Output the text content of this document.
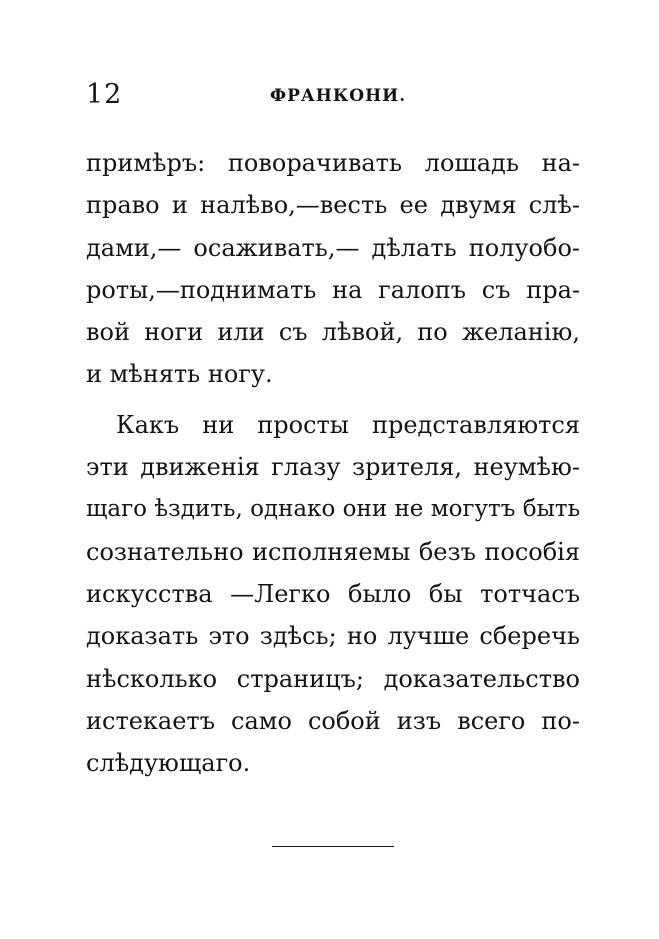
12	ФРАНКОНИ.
примѣръ: поворачивать лошадь на-
право и налѣво,—весть ее двумя слѣ-
дами,— осаживать,— дѣлать полуобо-
роты,—поднимать на галопъ съ пра-
вой ноги или съ лѣвой, по желанію,
и мѣнять ногу.
Какъ ни просты представляются
эти движенія глазу зрителя, неумѣю-
щаго ѣздить, однако они не могутъ быть
сознательно исполняемы безъ пособія
искусства —Легко было бы тотчасъ
доказать это здѣсь; но лучше сберечь
нѣсколько страницъ; доказательство
истекаетъ само собой изъ всего по-
слѣдующаго.
